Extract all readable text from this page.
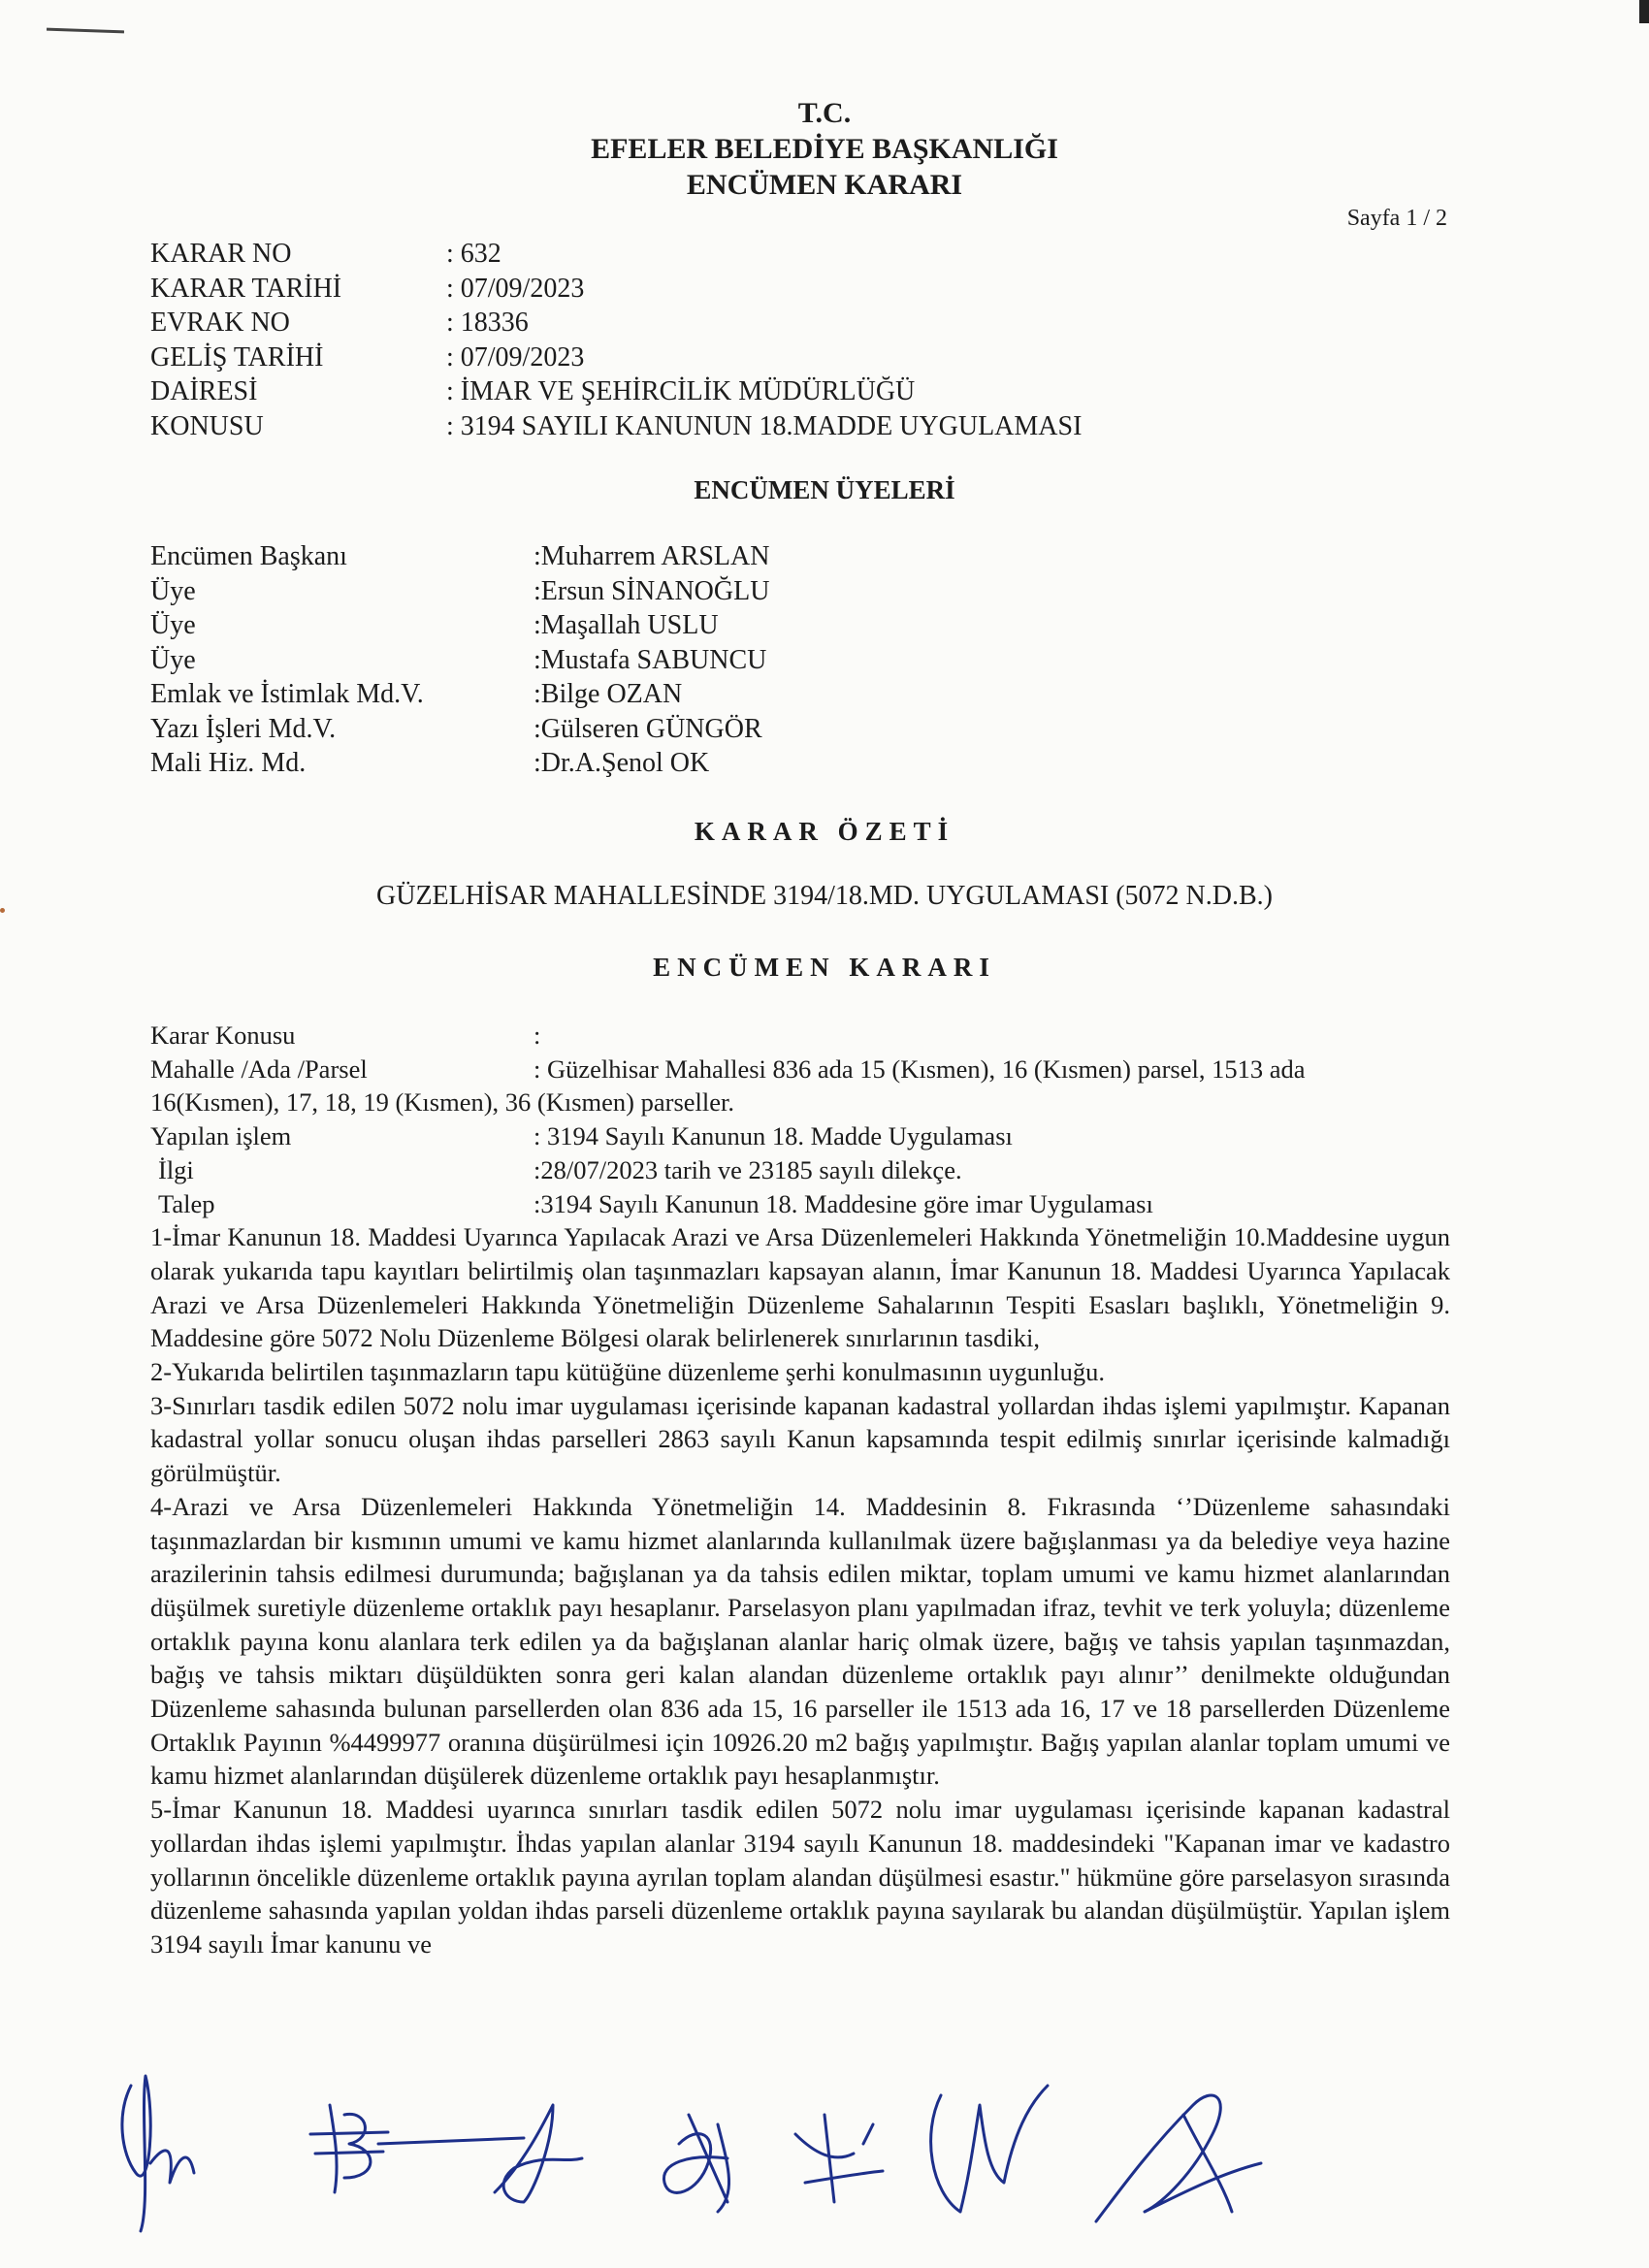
T.C.
EFELER BELEDİYE BAŞKANLIĞI
ENCÜMEN KARARI
Sayfa 1 / 2
KARAR NO	: 632
KARAR TARİHİ	: 07/09/2023
EVRAK NO	: 18336
GELİŞ TARİHİ	: 07/09/2023
DAİRESİ	: İMAR VE ŞEHİRCİLİK MÜDÜRLÜĞÜ
KONUSU	: 3194 SAYILI KANUNUN 18.MADDE UYGULAMASI
ENCÜMEN ÜYELERİ
Encümen Başkanı	: Muharrem ARSLAN
Üye	: Ersun SİNANOĞLU
Üye	: Maşallah USLU
Üye	: Mustafa SABUNCU
Emlak ve İstimlak Md.V.	: Bilge OZAN
Yazı İşleri Md.V.	: Gülseren GÜNGÖR
Mali Hiz. Md.	: Dr.A.Şenol OK
KARAR ÖZETİ
GÜZELHİSAR MAHALLESİNDE 3194/18.MD. UYGULAMASI (5072 N.D.B.)
ENCÜMEN KARARI
Karar Konusu	:
Mahalle /Ada /Parsel	: Güzelhisar Mahallesi 836 ada 15 (Kısmen), 16 (Kısmen) parsel, 1513 ada
16(Kısmen), 17, 18, 19 (Kısmen), 36 (Kısmen) parseller.
Yapılan işlem	: 3194 Sayılı Kanunun 18. Madde Uygulaması
İlgi	:28/07/2023 tarih ve 23185 sayılı dilekçe.
Talep	:3194 Sayılı Kanunun 18. Maddesine göre imar Uygulaması
1-İmar Kanunun 18. Maddesi Uyarınca Yapılacak Arazi ve Arsa Düzenlemeleri Hakkında Yönetmeliğin 10.Maddesine uygun olarak yukarıda tapu kayıtları belirtilmiş olan taşınmazları kapsayan alanın, İmar Kanunun 18. Maddesi Uyarınca Yapılacak Arazi ve Arsa Düzenlemeleri Hakkında Yönetmeliğin Düzenleme Sahalarının Tespiti Esasları başlıklı, Yönetmeliğin 9. Maddesine göre 5072 Nolu Düzenleme Bölgesi olarak belirlenerek sınırlarının tasdiki,
2-Yukarıda belirtilen taşınmazların tapu kütüğüne düzenleme şerhi konulmasının uygunluğu.
3-Sınırları tasdik edilen 5072 nolu imar uygulaması içerisinde kapanan kadastral yollardan ihdas işlemi yapılmıştır. Kapanan kadastral yollar sonucu oluşan ihdas parselleri 2863 sayılı Kanun kapsamında tespit edilmiş sınırlar içerisinde kalmadığı görülmüştür.
4-Arazi ve Arsa Düzenlemeleri Hakkında Yönetmeliğin 14. Maddesinin 8. Fıkrasında ‘’Düzenleme sahasındaki taşınmazlardan bir kısmının umumi ve kamu hizmet alanlarında kullanılmak üzere bağışlanması ya da belediye veya hazine arazilerinin tahsis edilmesi durumunda; bağışlanan ya da tahsis edilen miktar, toplam umumi ve kamu hizmet alanlarından düşülmek suretiyle düzenleme ortaklık payı hesaplanır. Parselasyon planı yapılmadan ifraz, tevhit ve terk yoluyla; düzenleme ortaklık payına konu alanlara terk edilen ya da bağışlanan alanlar hariç olmak üzere, bağış ve tahsis yapılan taşınmazdan, bağış ve tahsis miktarı düşüldükten sonra geri kalan alandan düzenleme ortaklık payı alınır’’ denilmekte olduğundan Düzenleme sahasında bulunan parsellerden olan 836 ada 15, 16 parseller ile 1513 ada 16, 17 ve 18 parsellerden Düzenleme Ortaklık Payının %4499977 oranına düşürülmesi için 10926.20 m2 bağış yapılmıştır. Bağış yapılan alanlar toplam umumi ve kamu hizmet alanlarından düşülerek düzenleme ortaklık payı hesaplanmıştır.
5-İmar Kanunun 18. Maddesi uyarınca sınırları tasdik edilen 5072 nolu imar uygulaması içerisinde kapanan kadastral yollardan ihdas işlemi yapılmıştır. İhdas yapılan alanlar 3194 sayılı Kanunun 18. maddesindeki "Kapanan imar ve kadastro yollarının öncelikle düzenleme ortaklık payına ayrılan toplam alandan düşülmesi esastır." hükmüne göre parselasyon sırasında düzenleme sahasında yapılan yoldan ihdas parseli düzenleme ortaklık payına sayılarak bu alandan düşülmüştür. Yapılan işlem 3194 sayılı İmar kanunu ve
